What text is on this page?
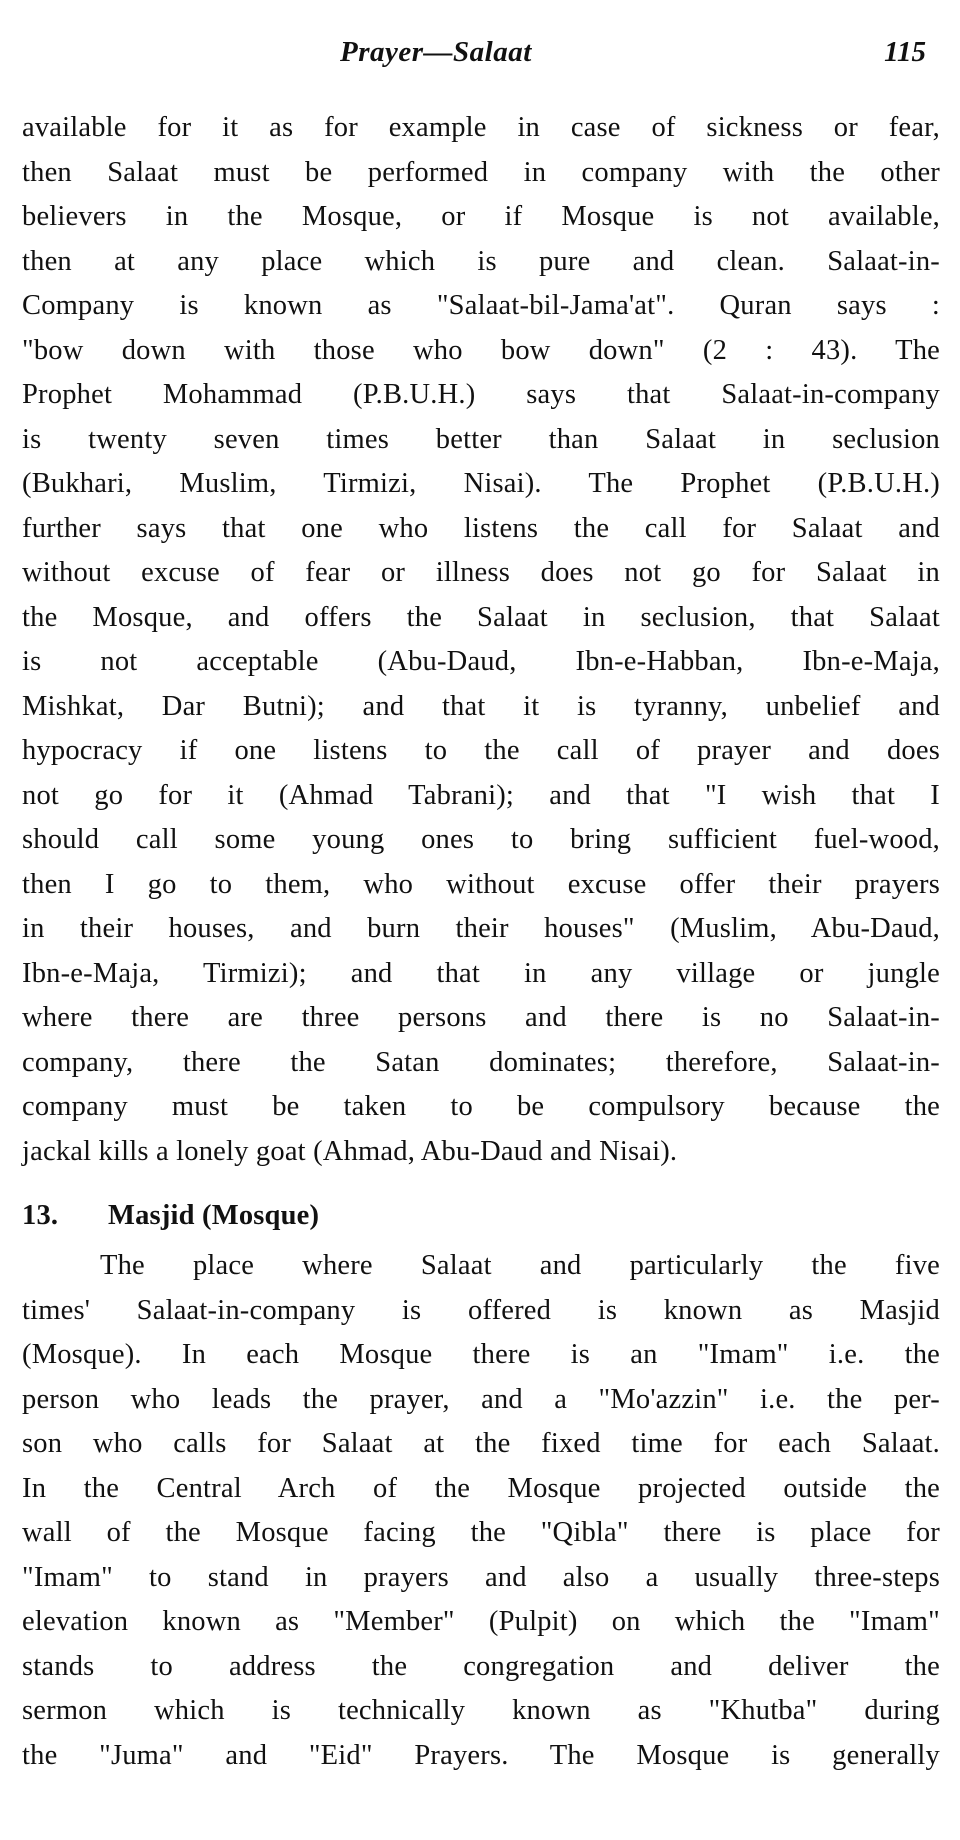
Prayer—Salaat	115
available for it as for example in case of sickness or fear,
then Salaat must be performed in company with the other
believers in the Mosque, or if Mosque is not available,
then at any place which is pure and clean. Salaat-in-
Company is known as "Salaat-bil-Jama'at". Quran says :
"bow down with those who bow down" (2 : 43). The
Prophet Mohammad (P.B.U.H.) says that Salaat-in-company
is twenty seven times better than Salaat in seclusion
(Bukhari, Muslim, Tirmizi, Nisai). The Prophet (P.B.U.H.)
further says that one who listens the call for Salaat and
without excuse of fear or illness does not go for Salaat in
the Mosque, and offers the Salaat in seclusion, that Salaat
is not acceptable (Abu-Daud, Ibn-e-Habban, Ibn-e-Maja,
Mishkat, Dar Butni); and that it is tyranny, unbelief and
hypocracy if one listens to the call of prayer and does
not go for it (Ahmad Tabrani); and that "I wish that I
should call some young ones to bring sufficient fuel-wood,
then I go to them, who without excuse offer their prayers
in their houses, and burn their houses" (Muslim, Abu-Daud,
Ibn-e-Maja, Tirmizi); and that in any village or jungle
where there are three persons and there is no Salaat-in-
company, there the Satan dominates; therefore, Salaat-in-
company must be taken to be compulsory because the
jackal kills a lonely goat (Ahmad, Abu-Daud and Nisai).
13. Masjid (Mosque)
The place where Salaat and particularly the five
times' Salaat-in-company is offered is known as Masjid
(Mosque). In each Mosque there is an "Imam" i.e. the
person who leads the prayer, and a "Mo'azzin" i.e. the per-
son who calls for Salaat at the fixed time for each Salaat.
In the Central Arch of the Mosque projected outside the
wall of the Mosque facing the "Qibla" there is place for
"Imam" to stand in prayers and also a usually three-steps
elevation known as "Member" (Pulpit) on which the "Imam"
stands to address the congregation and deliver the
sermon which is technically known as "Khutba" during
the "Juma" and "Eid" Prayers. The Mosque is generally
